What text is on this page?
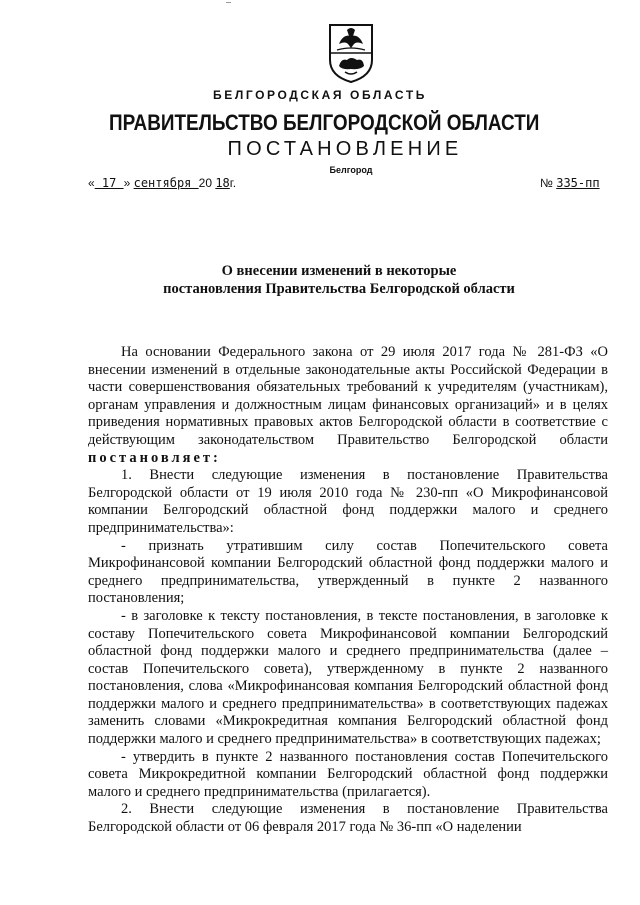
БЕЛГОРОДСКАЯ ОБЛАСТЬ
ПРАВИТЕЛЬСТВО БЕЛГОРОДСКОЙ ОБЛАСТИ
ПОСТАНОВЛЕНИЕ
Белгород
« 17 » сентября 20 18г.	№ 335-пп
О внесении изменений в некоторые
постановления Правительства Белгородской области

На основании Федерального закона от 29 июля 2017 года № 281-ФЗ «О внесении изменений в отдельные законодательные акты Российской Федерации в части совершенствования обязательных требований к учредителям (участникам), органам управления и должностным лицам финансовых организаций» и в целях приведения нормативных правовых актов Белгородской области в соответствие с действующим законодательством Правительство Белгородской области постановляет:

1. Внести следующие изменения в постановление Правительства Белгородской области от 19 июля 2010 года № 230-пп «О Микрофинансовой компании Белгородский областной фонд поддержки малого и среднего предпринимательства»:

- признать утратившим силу состав Попечительского совета Микрофинансовой компании Белгородский областной фонд поддержки малого и среднего предпринимательства, утвержденный в пункте 2 названного постановления;

- в заголовке к тексту постановления, в тексте постановления, в заголовке к составу Попечительского совета Микрофинансовой компании Белгородский областной фонд поддержки малого и среднего предпринимательства (далее – состав Попечительского совета), утвержденному в пункте 2 названного постановления, слова «Микрофинансовая компания Белгородский областной фонд поддержки малого и среднего предпринимательства» в соответствующих падежах заменить словами «Микрокредитная компания Белгородский областной фонд поддержки малого и среднего предпринимательства» в соответствующих падежах;

- утвердить в пункте 2 названного постановления состав Попечительского совета Микрокредитной компании Белгородский областной фонд поддержки малого и среднего предпринимательства (прилагается).

2. Внести следующие изменения в постановление Правительства Белгородской области от 06 февраля 2017 года № 36-пп «О наделении
